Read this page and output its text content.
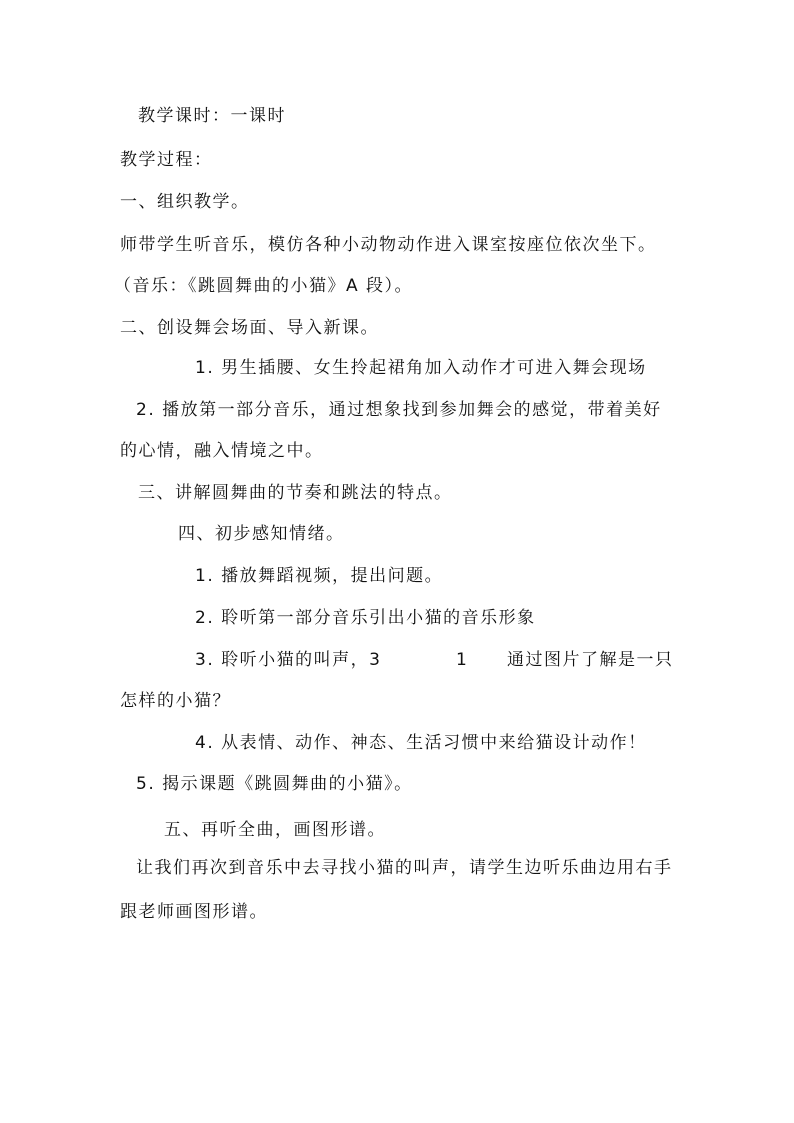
教学课时：一课时
教学过程：
一、组织教学。
师带学生听音乐，模仿各种小动物动作进入课室按座位依次坐下。
（音乐：《跳圆舞曲的小猫》A 段）。
二、创设舞会场面、导入新课。
1. 男生插腰、女生拎起裙角加入动作才可进入舞会现场
2. 播放第一部分音乐，通过想象找到参加舞会的感觉，带着美好
的心情，融入情境之中。
三、讲解圆舞曲的节奏和跳法的特点。
四、初步感知情绪。
1. 播放舞蹈视频，提出问题。
2. 聆听第一部分音乐引出小猫的音乐形象
3. 聆听小猫的叫声，3	1 通过图片了解是一只
怎样的小猫？
4. 从表情、动作、神态、生活习惯中来给猫设计动作！
5. 揭示课题《跳圆舞曲的小猫》。
五、再听全曲，画图形谱。
让我们再次到音乐中去寻找小猫的叫声，请学生边听乐曲边用右手
跟老师画图形谱。
